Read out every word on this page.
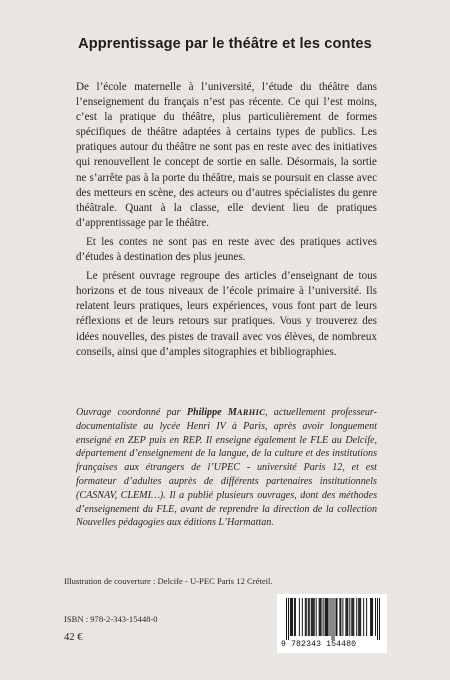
Apprentissage par le théâtre et les contes

De l’école maternelle à l’université, l’étude du théâtre dans l’enseignement du français n’est pas récente. Ce qui l’est moins, c’est la pratique du théâtre, plus particulièrement de formes spécifiques de théâtre adaptées à certains types de publics. Les pratiques autour du théâtre ne sont pas en reste avec des initiatives qui renouvellent le concept de sortie en salle. Désormais, la sortie ne s’arrête pas à la porte du théâtre, mais se poursuit en classe avec des metteurs en scène, des acteurs ou d’autres spécialistes du genre théâtrale. Quant à la classe, elle devient lieu de pratiques d’apprentissage par le théâtre.

Et les contes ne sont pas en reste avec des pratiques actives d’études à destination des plus jeunes.

Le présent ouvrage regroupe des articles d’enseignant de tous horizons et de tous niveaux de l’école primaire à l’université. Ils relatent leurs pratiques, leurs expériences, vous font part de leurs réflexions et de leurs retours sur pratiques. Vous y trouverez des idées nouvelles, des pistes de travail avec vos élèves, de nombreux conseils, ainsi que d’amples sitographies et bibliographies.

Ouvrage coordonné par Philippe MARHIC, actuellement professeur-documentaliste au lycée Henri IV à Paris, après avoir longuement enseigné en ZEP puis en REP. Il enseigne également le FLE au Delcife, département d’enseignement de la langue, de la culture et des institutions françaises aux étrangers de l’UPEC - université Paris 12, et est formateur d’adultes auprès de différents partenaires institutionnels (CASNAV, CLEMI…). Il a publié plusieurs ouvrages, dont des méthodes d’enseignement du FLE, avant de reprendre la direction de la collection Nouvelles pédagogies aux éditions L’Harmattan.
Illustration de couverture : Delcife - U-PEC Paris 12 Créteil.
ISBN : 978-2-343-15448-0
42 €
9 782343 154480
